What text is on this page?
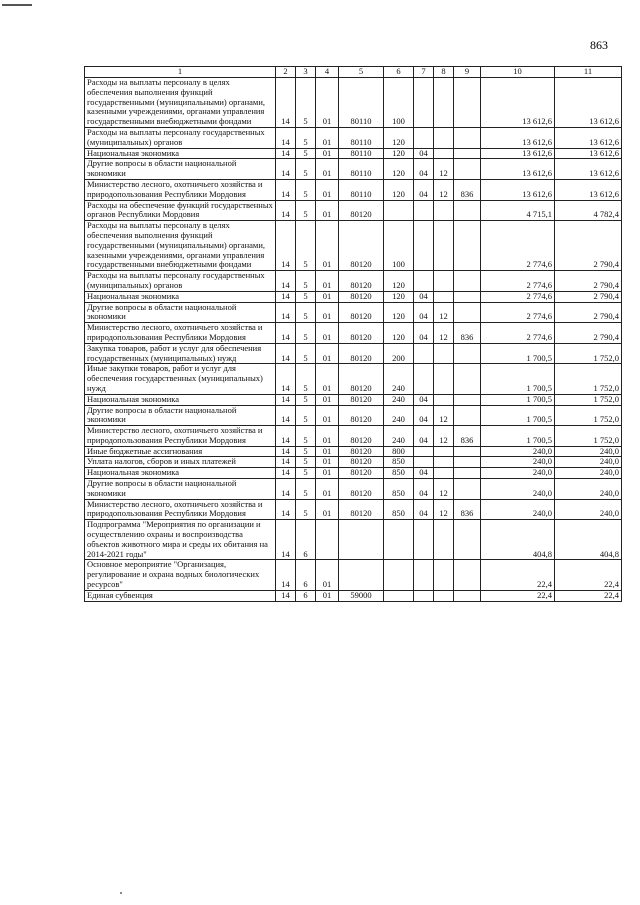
863
1	2	3	4	5	6	7	8	9	10	11
Расходы на выплаты персоналу в целях обеспечения выполнения функций государственными (муниципальными) органами, казенными учреждениями, органами управления государственными внебюджетными фондами	14	5	01	80110	100				13 612,6	13 612,6
Расходы на выплаты персоналу государственных (муниципальных) органов	14	5	01	80110	120				13 612,6	13 612,6
Национальная экономика	14	5	01	80110	120	04			13 612,6	13 612,6
Другие вопросы в области национальной экономики	14	5	01	80110	120	04	12		13 612,6	13 612,6
Министерство лесного, охотничьего хозяйства и природопользования Республики Мордовия	14	5	01	80110	120	04	12	836	13 612,6	13 612,6
Расходы на обеспечение функций государственных органов Республики Мордовия	14	5	01	80120					4 715,1	4 782,4
Расходы на выплаты персоналу в целях обеспечения выполнения функций государственными (муниципальными) органами, казенными учреждениями, органами управления государственными внебюджетными фондами	14	5	01	80120	100				2 774,6	2 790,4
Расходы на выплаты персоналу государственных (муниципальных) органов	14	5	01	80120	120				2 774,6	2 790,4
Национальная экономика	14	5	01	80120	120	04			2 774,6	2 790,4
Другие вопросы в области национальной экономики	14	5	01	80120	120	04	12		2 774,6	2 790,4
Министерство лесного, охотничьего хозяйства и природопользования Республики Мордовия	14	5	01	80120	120	04	12	836	2 774,6	2 790,4
Закупка товаров, работ и услуг для обеспечения государственных (муниципальных) нужд	14	5	01	80120	200				1 700,5	1 752,0
Иные закупки товаров, работ и услуг для обеспечения государственных (муниципальных) нужд	14	5	01	80120	240				1 700,5	1 752,0
Национальная экономика	14	5	01	80120	240	04			1 700,5	1 752,0
Другие вопросы в области национальной экономики	14	5	01	80120	240	04	12		1 700,5	1 752,0
Министерство лесного, охотничьего хозяйства и природопользования Республики Мордовия	14	5	01	80120	240	04	12	836	1 700,5	1 752,0
Иные бюджетные ассигнования	14	5	01	80120	800				240,0	240,0
Уплата налогов, сборов и иных платежей	14	5	01	80120	850				240,0	240,0
Национальная экономика	14	5	01	80120	850	04			240,0	240,0
Другие вопросы в области национальной экономики	14	5	01	80120	850	04	12		240,0	240,0
Министерство лесного, охотничьего хозяйства и природопользования Республики Мордовия	14	5	01	80120	850	04	12	836	240,0	240,0
Подпрограмма "Мероприятия по организации и осуществлению охраны и воспроизводства объектов животного мира и среды их обитания на 2014-2021 годы"	14	6							404,8	404,8
Основное мероприятие "Организация, регулирование и охрана водных биологических ресурсов"	14	6	01						22,4	22,4
Единая субвенция	14	6	01	59000					22,4	22,4
